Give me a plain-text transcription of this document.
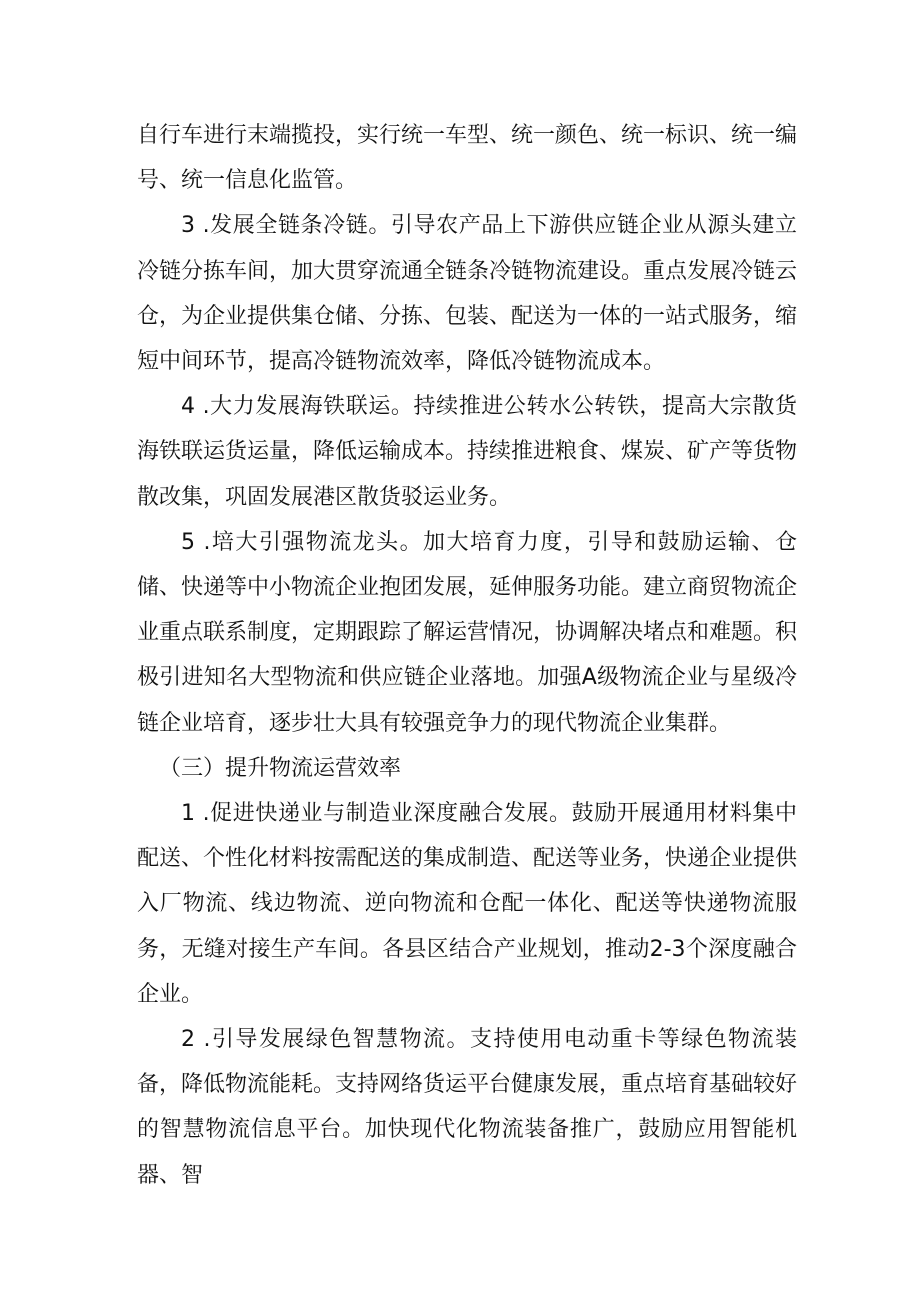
自行车进行末端揽投，实行统一车型、统一颜色、统一标识、统一编号、统一信息化监管。

3 .发展全链条冷链。引导农产品上下游供应链企业从源头建立冷链分拣车间，加大贯穿流通全链条冷链物流建设。重点发展冷链云仓，为企业提供集仓储、分拣、包装、配送为一体的一站式服务，缩短中间环节，提高冷链物流效率，降低冷链物流成本。

4 .大力发展海铁联运。持续推进公转水公转铁，提高大宗散货海铁联运货运量，降低运输成本。持续推进粮食、煤炭、矿产等货物散改集，巩固发展港区散货驳运业务。

5 .培大引强物流龙头。加大培育力度，引导和鼓励运输、仓储、快递等中小物流企业抱团发展，延伸服务功能。建立商贸物流企业重点联系制度，定期跟踪了解运营情况，协调解决堵点和难题。积极引进知名大型物流和供应链企业落地。加强A级物流企业与星级冷链企业培育，逐步壮大具有较强竞争力的现代物流企业集群。

（三）提升物流运营效率

1 .促进快递业与制造业深度融合发展。鼓励开展通用材料集中配送、个性化材料按需配送的集成制造、配送等业务，快递企业提供入厂物流、线边物流、逆向物流和仓配一体化、配送等快递物流服务，无缝对接生产车间。各县区结合产业规划，推动2-3个深度融合企业。

2 .引导发展绿色智慧物流。支持使用电动重卡等绿色物流装备，降低物流能耗。支持网络货运平台健康发展，重点培育基础较好的智慧物流信息平台。加快现代化物流装备推广，鼓励应用智能机器、智
